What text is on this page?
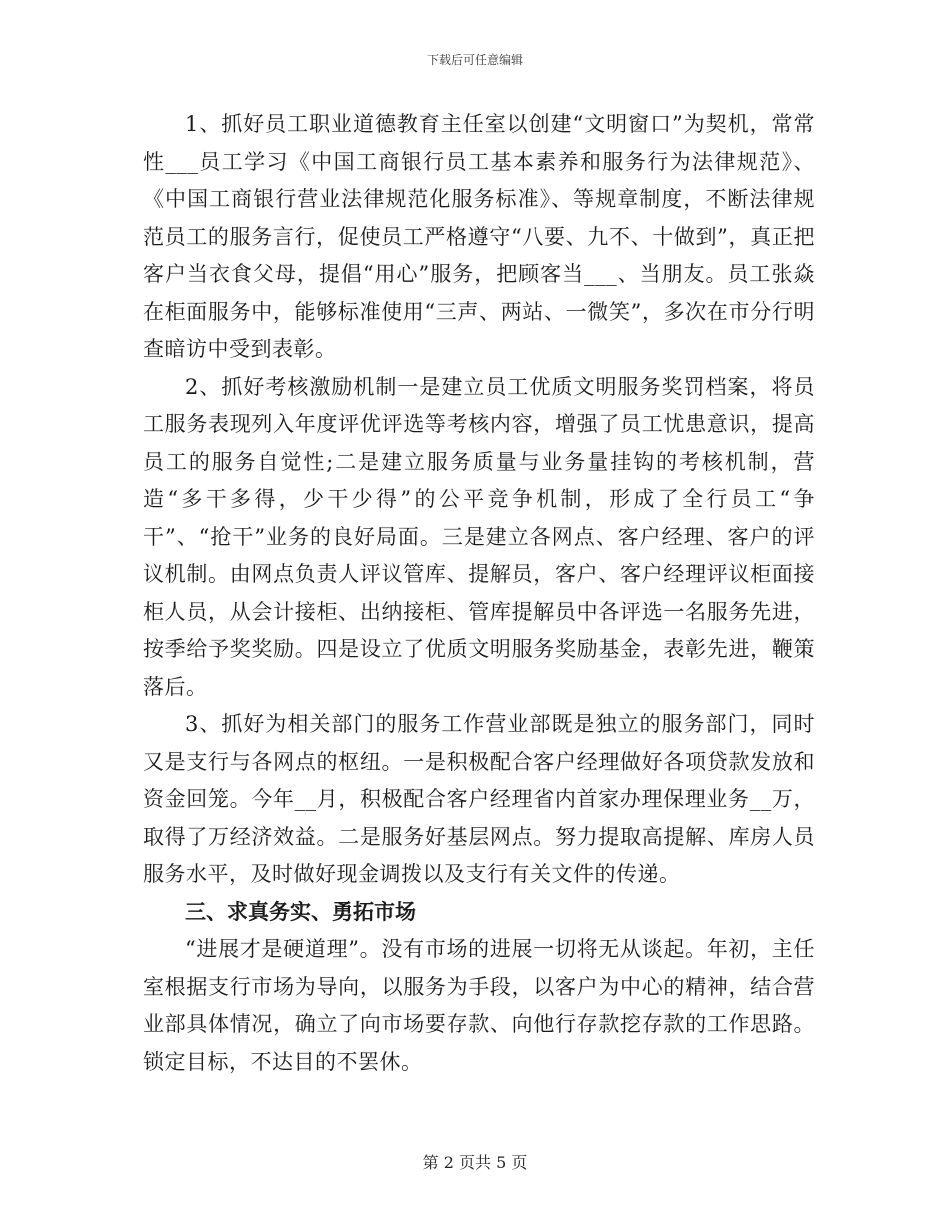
下载后可任意编辑

1、抓好员工职业道德教育主任室以创建“文明窗口”为契机，常常性___员工学习《中国工商银行员工基本素养和服务行为法律规范》、《中国工商银行营业法律规范化服务标准》、等规章制度，不断法律规范员工的服务言行，促使员工严格遵守“八要、九不、十做到”，真正把客户当衣食父母，提倡“用心”服务，把顾客当___、当朋友。员工张焱在柜面服务中，能够标准使用“三声、两站、一微笑”，多次在市分行明查暗访中受到表彰。

2、抓好考核激励机制一是建立员工优质文明服务奖罚档案，将员工服务表现列入年度评优评选等考核内容，增强了员工忧患意识，提高员工的服务自觉性;二是建立服务质量与业务量挂钩的考核机制，营造“多干多得，少干少得”的公平竞争机制，形成了全行员工“争干”、“抢干”业务的良好局面。三是建立各网点、客户经理、客户的评议机制。由网点负责人评议管库、提解员，客户、客户经理评议柜面接柜人员，从会计接柜、出纳接柜、管库提解员中各评选一名服务先进，按季给予奖奖励。四是设立了优质文明服务奖励基金，表彰先进，鞭策落后。

3、抓好为相关部门的服务工作营业部既是独立的服务部门，同时又是支行与各网点的枢纽。一是积极配合客户经理做好各项贷款发放和资金回笼。今年__月，积极配合客户经理省内首家办理保理业务__万，取得了万经济效益。二是服务好基层网点。努力提取高提解、库房人员服务水平，及时做好现金调拨以及支行有关文件的传递。

三、求真务实、勇拓市场

“进展才是硬道理”。没有市场的进展一切将无从谈起。年初，主任室根据支行市场为导向，以服务为手段，以客户为中心的精神，结合营业部具体情况，确立了向市场要存款、向他行存款挖存款的工作思路。锁定目标，不达目的不罢休。

第 2 页共 5 页
